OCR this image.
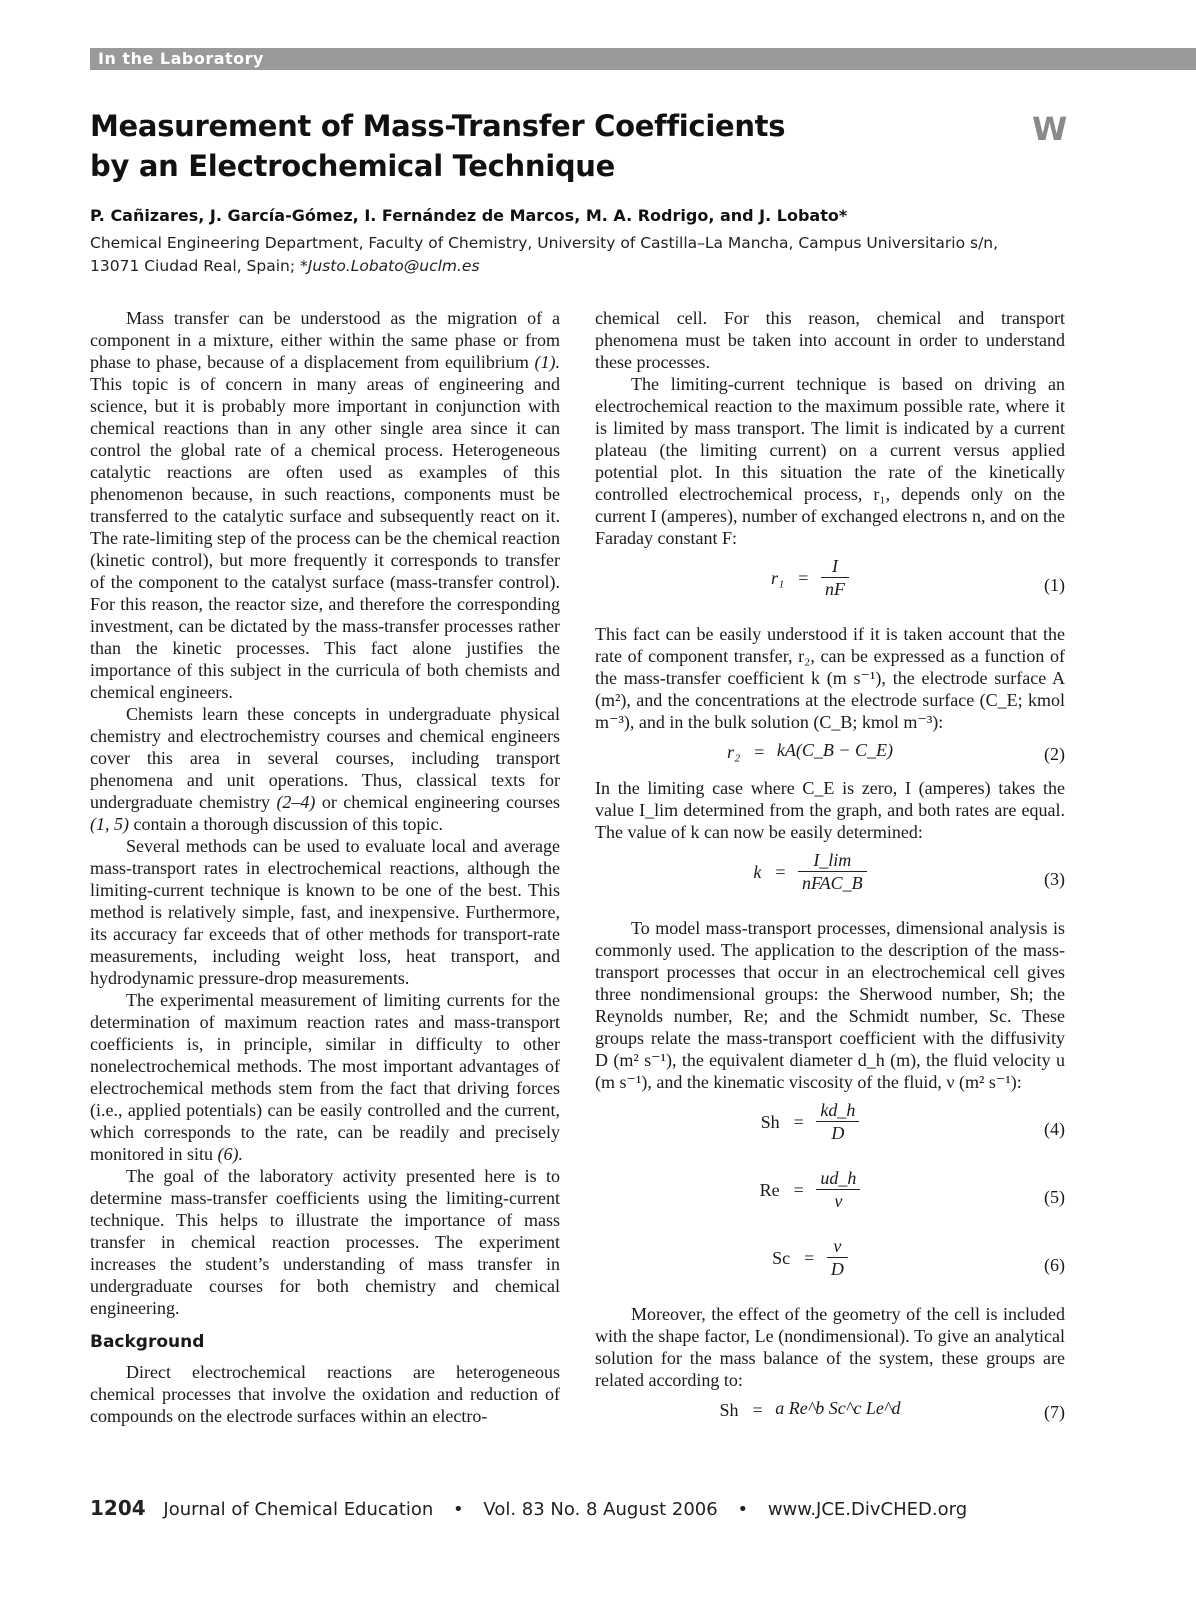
In the Laboratory
Measurement of Mass-Transfer Coefficients
by an Electrochemical Technique
W
P. Cañizares, J. García-Gómez, I. Fernández de Marcos, M. A. Rodrigo, and J. Lobato*
Chemical Engineering Department, Faculty of Chemistry, University of Castilla–La Mancha, Campus Universitario s/n,
13071 Ciudad Real, Spain; *Justo.Lobato@uclm.es

Mass transfer can be understood as the migration of a component in a mixture, either within the same phase or from phase to phase, because of a displacement from equilibrium (1). This topic is of concern in many areas of engineering and science, but it is probably more important in conjunction with chemical reactions than in any other single area since it can control the global rate of a chemical process. Heterogeneous catalytic reactions are often used as examples of this phenomenon because, in such reactions, components must be transferred to the catalytic surface and subsequently react on it. The rate-limiting step of the process can be the chemical reaction (kinetic control), but more frequently it corresponds to transfer of the component to the catalyst surface (mass-transfer control). For this reason, the reactor size, and therefore the corresponding investment, can be dictated by the mass-transfer processes rather than the kinetic processes. This fact alone justifies the importance of this subject in the curricula of both chemists and chemical engineers.

Chemists learn these concepts in undergraduate physical chemistry and electrochemistry courses and chemical engineers cover this area in several courses, including transport phenomena and unit operations. Thus, classical texts for undergraduate chemistry (2–4) or chemical engineering courses (1, 5) contain a thorough discussion of this topic.

Several methods can be used to evaluate local and average mass-transport rates in electrochemical reactions, although the limiting-current technique is known to be one of the best. This method is relatively simple, fast, and inexpensive. Furthermore, its accuracy far exceeds that of other methods for transport-rate measurements, including weight loss, heat transport, and hydrodynamic pressure-drop measurements.

The experimental measurement of limiting currents for the determination of maximum reaction rates and mass-transport coefficients is, in principle, similar in difficulty to other nonelectrochemical methods. The most important advantages of electrochemical methods stem from the fact that driving forces (i.e., applied potentials) can be easily controlled and the current, which corresponds to the rate, can be readily and precisely monitored in situ (6).

The goal of the laboratory activity presented here is to determine mass-transfer coefficients using the limiting-current technique. This helps to illustrate the importance of mass transfer in chemical reaction processes. The experiment increases the student’s understanding of mass transfer in undergraduate courses for both chemistry and chemical engineering.

Background

Direct electrochemical reactions are heterogeneous chemical processes that involve the oxidation and reduction of compounds on the electrode surfaces within an electro-

chemical cell. For this reason, chemical and transport phenomena must be taken into account in order to understand these processes.

The limiting-current technique is based on driving an electrochemical reaction to the maximum possible rate, where it is limited by mass transport. The limit is indicated by a current plateau (the limiting current) on a current versus applied potential plot. In this situation the rate of the kinetically controlled electrochemical process, r₁, depends only on the current I (amperes), number of exchanged electrons n, and on the Faraday constant F:

$r_1 = \frac{I}{nF}$	(1)

This fact can be easily understood if it is taken account that the rate of component transfer, r₂, can be expressed as a function of the mass-transfer coefficient k (m s⁻¹), the electrode surface A (m²), and the concentrations at the electrode surface (C_E; kmol m⁻³), and in the bulk solution (C_B; kmol m⁻³):

r₂ = kA(C_B − C_E)	(2)

In the limiting case where C_E is zero, I (amperes) takes the value I_lim determined from the graph, and both rates are equal. The value of k can now be easily determined:

$k = \frac{I\_\lim}{\text{nFAC\_B}}$	(3)

To model mass-transport processes, dimensional analysis is commonly used. The application to the description of the mass-transport processes that occur in an electrochemical cell gives three nondimensional groups: the Sherwood number, Sh; the Reynolds number, Re; and the Schmidt number, Sc. These groups relate the mass-transport coefficient with the diffusivity D (m² s⁻¹), the equivalent diameter d_h (m), the fluid velocity u (m s⁻¹), and the kinematic viscosity of the fluid, ν (m² s⁻¹):

$Sh = \frac{kd\_h}{D}$	(4)
$Re = \frac{ud\_h}{\nu}$	(5)
$Sc = \frac{\nu}{D}$	(6)

Moreover, the effect of the geometry of the cell is included with the shape factor, Le (nondimensional). To give an analytical solution for the mass balance of the system, these groups are related according to:

Sh = a Re^b Sc^c Le^d	(7)
1204 Journal of Chemical Education • Vol. 83 No. 8 August 2006 • www.JCE.DivCHED.org
